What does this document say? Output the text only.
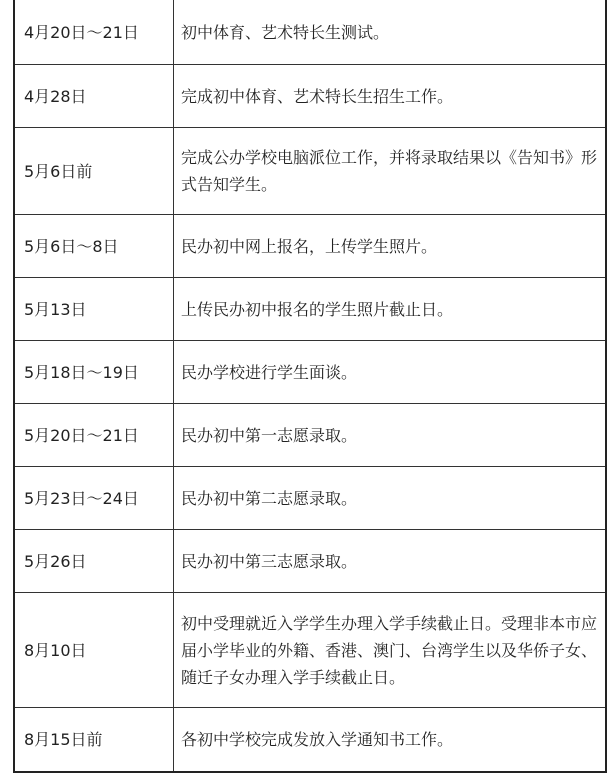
4月20日～21日	初中体育、艺术特长生测试。
4月28日	完成初中体育、艺术特长生招生工作。
5月6日前	完成公办学校电脑派位工作，并将录取结果以《告知书》形式告知学生。
5月6日～8日	民办初中网上报名，上传学生照片。
5月13日	上传民办初中报名的学生照片截止日。
5月18日～19日	民办学校进行学生面谈。
5月20日～21日	民办初中第一志愿录取。
5月23日～24日	民办初中第二志愿录取。
5月26日	民办初中第三志愿录取。
8月10日	初中受理就近入学学生办理入学手续截止日。受理非本市应届小学毕业的外籍、香港、澳门、台湾学生以及华侨子女、随迁子女办理入学手续截止日。
8月15日前	各初中学校完成发放入学通知书工作。
